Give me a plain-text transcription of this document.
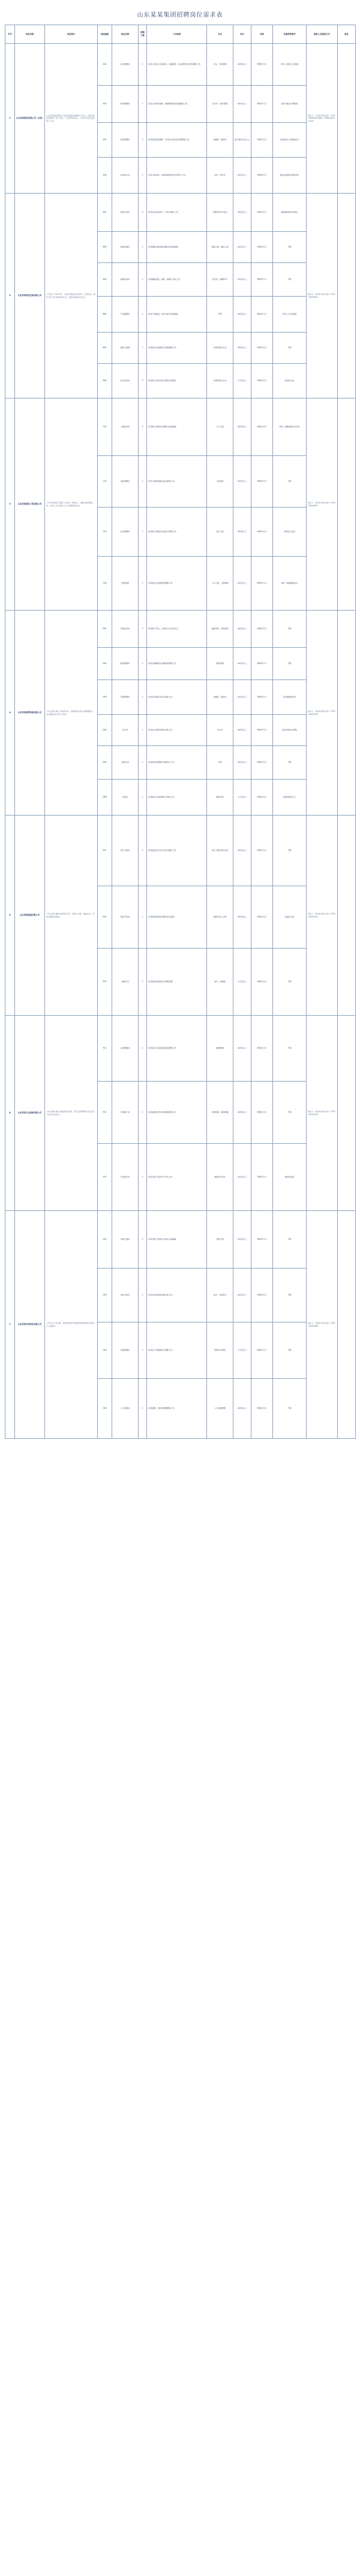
山东某某集团招聘岗位需求表
序号	单位名称	单位简介	岗位编码	岗位名称	招聘人数	工作职责	专业	学历	年龄	其他资格条件	联系人及联系方式	备注
1	山东某某集团有限公司（本部）	山东某某集团有限公司是省属国有重要骨干企业，主要从事投资管理、资产运营、产业培育等业务，下设多家全资及控股子公司。	A01	综合管理岗	1	负责公司综合行政事务，文稿起草、会议组织及内外协调等工作。	中文、行政管理	本科及以上	35周岁以下	3年以上相关工作经验	联系人：王老师 联系电话：0531-00000000 邮箱：hr@example.com	
			A02	财务管理岗	1	负责公司财务核算、预算管理及报表编制等工作。	会计学、财务管理	本科及以上	35周岁以下	具有中级会计师职称		
			A03	投资管理岗	2	负责项目投资调研、可行性分析及投后管理等工作。	金融学、经济学	硕士研究生及以上	35周岁以下	有投资类工作经验优先		
			A04	法务审计岗	1	负责合同审查、法律风险防控及内部审计工作。	法学、审计学	本科及以上	35周岁以下	通过法律职业资格考试		
2	山东某某科技发展有限公司	公司成立于2010年，主要从事信息技术研发、系统集成、软件开发与技术服务等业务，是国家高新技术企业。	B01	软件开发岗	2	负责业务系统设计、开发与维护工作。	计算机科学与技术	本科及以上	35周岁以下	熟悉Java等开发语言	联系人：李老师 联系电话：0531-00000001	
			B02	网络运维岗	1	负责网络设备及服务器日常运维管理。	网络工程、通信工程	本科及以上	35周岁以下	不限		
			B03	数据分析岗	1	负责数据采集、清洗、建模与分析工作。	统计学、数据科学	本科及以上	35周岁以下	不限		
			B04	产品经理岗	1	负责产品规划、需求分析与项目推进。	不限	本科及以上	40周岁以下	3年以上产品经验		
			B05	测试工程师	1	负责软件功能测试与质量保障工作。	计算机相关专业	本科及以上	35周岁以下	不限		
			B06	技术支持岗	2	负责客户技术咨询与现场支持服务。	计算机相关专业	大专及以上	35周岁以下	能适应出差		
3	山东某某建设工程有限公司	公司具有建筑工程施工总承包一级资质，主要从事房屋建筑、市政公用工程施工及工程管理等业务。	C01	工程技术岗	3	负责施工现场技术管理与质量控制。	土木工程	本科及以上	35周岁以下	具有二级建造师证书优先	联系人：张老师 联系电话：0531-00000002	
			C02	造价管理岗	1	负责工程预结算及成本控制工作。	工程造价	本科及以上	35周岁以下	不限		
			C03	安全管理岗	1	负责施工现场安全检查与管理工作。	安全工程	本科及以上	40周岁以下	具有安全员证		
			C04	项目经理	1	负责项目全过程组织管理工作。	土木工程、工程管理	本科及以上	45周岁以下	具有一级建造师证书		
4	山东某某商贸物流有限公司	公司主要从事大宗商品贸易、仓储物流及供应链管理服务，业务覆盖省内外多个地区。	D01	贸易业务岗	2	负责客户开发、合同签订及业务执行。	国际贸易、市场营销	本科及以上	35周岁以下	不限	联系人：刘老师 联系电话：0531-00000003	
			D02	物流管理岗	1	负责仓储调度及运输组织管理工作。	物流管理	本科及以上	35周岁以下	不限		
			D03	风控管理岗	1	负责业务风险评估与监控工作。	金融学、经济学	本科及以上	35周岁以下	有风控经验优先		
			D04	会计岗	1	负责会计核算及税务申报工作。	会计学	本科及以上	35周岁以下	具有初级会计职称		
			D05	采购专员	1	负责供应商管理与采购执行工作。	不限	本科及以上	35周岁以下	不限		
			D06	单证员	1	负责进出口单证制作与审核工作。	国际贸易	大专及以上	35周岁以下	英语四级及以上		
5	山东某某能源有限公司	公司主要从事新能源项目开发、建设与运营，涵盖光伏、风电及储能等领域。	E01	电气工程岗	2	负责电站电气设计及运行维护工作。	电气工程及其自动化	本科及以上	35周岁以下	不限	联系人：陈老师 联系电话：0531-00000004	
			E02	项目开发岗	1	负责新能源项目前期开发与报批。	能源与动力工程	本科及以上	35周岁以下	能适应出差		
			E03	运维专员	2	负责场站设备巡检与故障处理。	电气、机械类	大专及以上	35周岁以下	不限		
6	山东某某文化旅游有限公司	公司主要从事文化旅游项目投资、景区运营管理及文化创意产品开发等业务。	F01	运营管理岗	1	负责景区日常运营及服务管理工作。	旅游管理	本科及以上	35周岁以下	不限	联系人：赵老师 联系电话：0531-00000005	
			F02	市场推广岗	1	负责品牌宣传及市场营销策划工作。	市场营销、新闻传播	本科及以上	35周岁以下	不限		
			F03	文创设计岗	1	负责文创产品设计与开发工作。	视觉传达设计	本科及以上	35周岁以下	提供作品集		
7	山东某某环保科技有限公司	公司专注于水处理、固废处置及环境监测等领域的技术研发与工程服务。	G01	环境工程岗	2	负责环保工程设计与技术方案编制。	环境工程	本科及以上	35周岁以下	不限	联系人：孙老师 联系电话：0531-00000006	
			G02	化验分析岗	1	负责水质及样品检测分析工作。	化学、应用化学	本科及以上	35周岁以下	不限		
			G03	设备管理岗	1	负责生产设备维护与管理工作。	机械设计制造	大专及以上	40周岁以下	不限		
			G04	人力资源岗	1	负责招聘、培训及绩效管理工作。	人力资源管理	本科及以上	35周岁以下	不限		
